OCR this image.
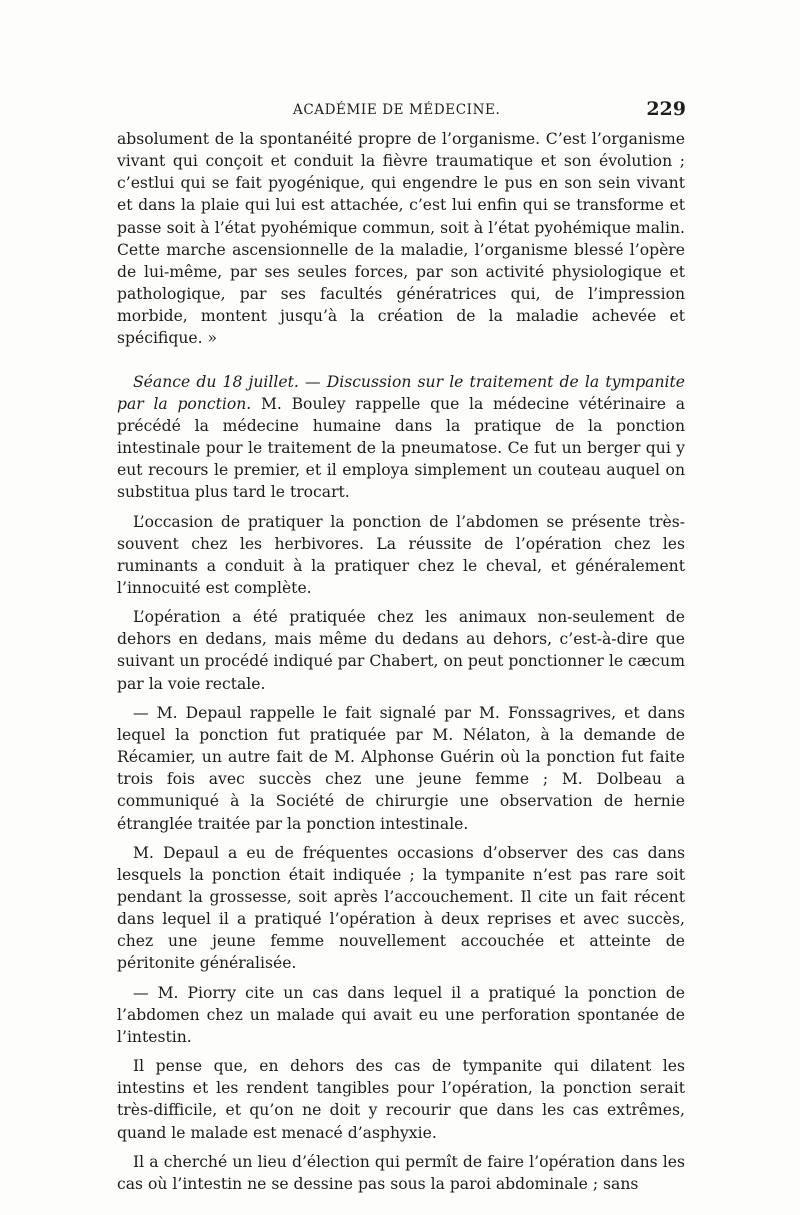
ACADÉMIE DE MÉDECINE.	229

absolument de la spontanéité propre de l’organisme. C’est l’organisme vivant qui conçoit et conduit la fièvre traumatique et son évolution ; c’estlui qui se fait pyogénique, qui engendre le pus en son sein vivant et dans la plaie qui lui est attachée, c’est lui enfin qui se transforme et passe soit à l’état pyohémique commun, soit à l’état pyohémique malin. Cette marche ascensionnelle de la maladie, l’organisme blessé l’opère de lui-même, par ses seules forces, par son activité physiologique et pathologique, par ses facultés génératrices qui, de l’impression morbide, montent jusqu’à la création de la maladie achevée et spécifique. »

Séance du 18 juillet. — Discussion sur le traitement de la tympanite par la ponction. M. Bouley rappelle que la médecine vétérinaire a précédé la médecine humaine dans la pratique de la ponction intestinale pour le traitement de la pneumatose. Ce fut un berger qui y eut recours le premier, et il employa simplement un couteau auquel on substitua plus tard le trocart.

L’occasion de pratiquer la ponction de l’abdomen se présente très-souvent chez les herbivores. La réussite de l’opération chez les ruminants a conduit à la pratiquer chez le cheval, et généralement l’innocuité est complète.

L’opération a été pratiquée chez les animaux non-seulement de dehors en dedans, mais même du dedans au dehors, c’est-à-dire que suivant un procédé indiqué par Chabert, on peut ponctionner le cæcum par la voie rectale.

— M. Depaul rappelle le fait signalé par M. Fonssagrives, et dans lequel la ponction fut pratiquée par M. Nélaton, à la demande de Récamier, un autre fait de M. Alphonse Guérin où la ponction fut faite trois fois avec succès chez une jeune femme ; M. Dolbeau a communiqué à la Société de chirurgie une observation de hernie étranglée traitée par la ponction intestinale.

M. Depaul a eu de fréquentes occasions d’observer des cas dans lesquels la ponction était indiquée ; la tympanite n’est pas rare soit pendant la grossesse, soit après l’accouchement. Il cite un fait récent dans lequel il a pratiqué l’opération à deux reprises et avec succès, chez une jeune femme nouvellement accouchée et atteinte de péritonite généralisée.

— M. Piorry cite un cas dans lequel il a pratiqué la ponction de l’abdomen chez un malade qui avait eu une perforation spontanée de l’intestin.

Il pense que, en dehors des cas de tympanite qui dilatent les intestins et les rendent tangibles pour l’opération, la ponction serait très-difficile, et qu’on ne doit y recourir que dans les cas extrêmes, quand le malade est menacé d’asphyxie.

Il a cherché un lieu d’élection qui permît de faire l’opération dans les cas où l’intestin ne se dessine pas sous la paroi abdominale ; sans
